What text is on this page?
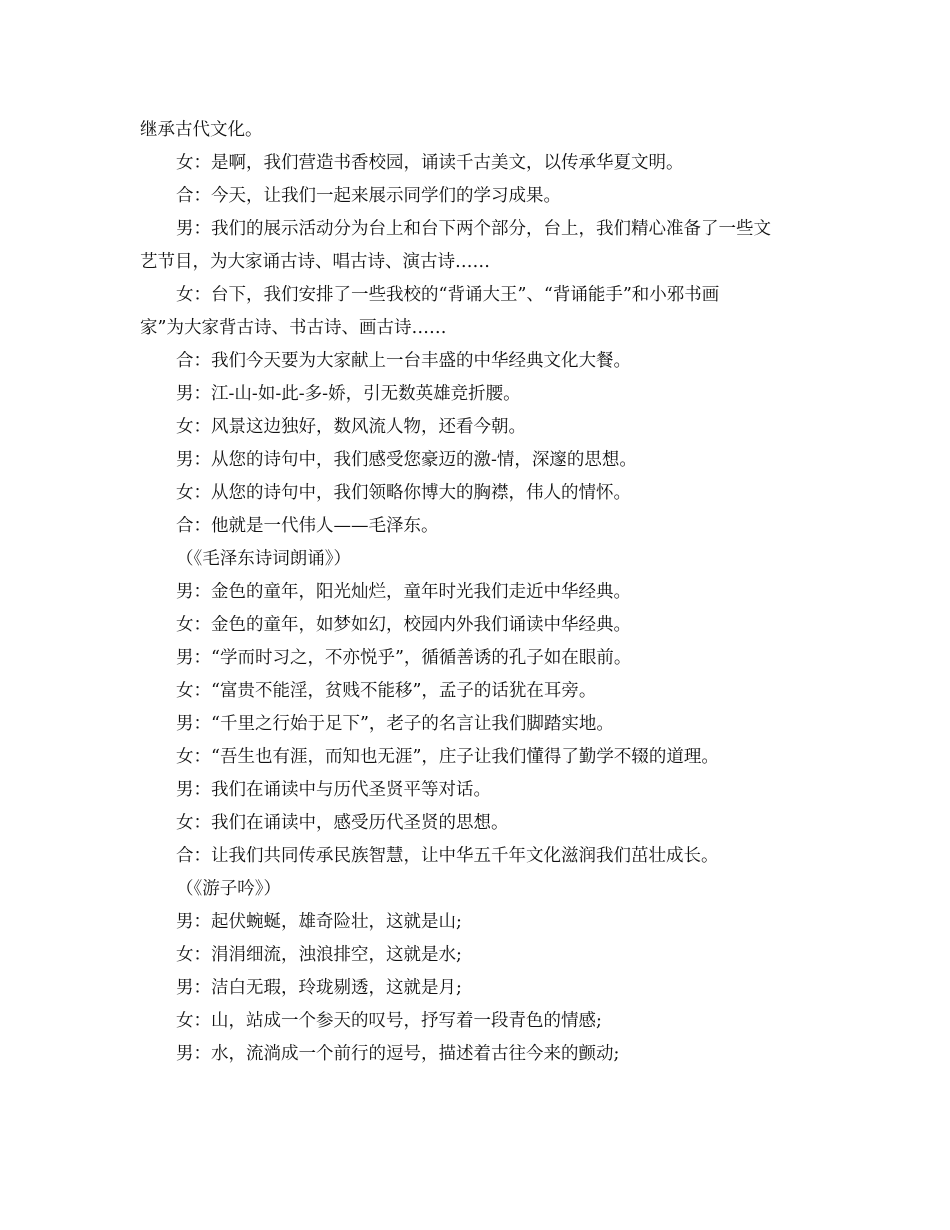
继承古代文化。

女：是啊，我们营造书香校园，诵读千古美文，以传承华夏文明。

合：今天，让我们一起来展示同学们的学习成果。

男：我们的展示活动分为台上和台下两个部分，台上，我们精心准备了一些文

艺节目，为大家诵古诗、唱古诗、演古诗……

女：台下，我们安排了一些我校的“背诵大王”、“背诵能手”和小邪书画

家”为大家背古诗、书古诗、画古诗……

合：我们今天要为大家献上一台丰盛的中华经典文化大餐。

男：江-山-如-此-多-娇，引无数英雄竞折腰。

女：风景这边独好，数风流人物，还看今朝。

男：从您的诗句中，我们感受您豪迈的激-情，深邃的思想。

女：从您的诗句中，我们领略你博大的胸襟，伟人的情怀。

合：他就是一代伟人——毛泽东。

（《毛泽东诗词朗诵》）

男：金色的童年，阳光灿烂，童年时光我们走近中华经典。

女：金色的童年，如梦如幻，校园内外我们诵读中华经典。

男：“学而时习之，不亦悦乎”，循循善诱的孔子如在眼前。

女：“富贵不能淫，贫贱不能移”，孟子的话犹在耳旁。

男：“千里之行始于足下”，老子的名言让我们脚踏实地。

女：“吾生也有涯，而知也无涯”，庄子让我们懂得了勤学不辍的道理。

男：我们在诵读中与历代圣贤平等对话。

女：我们在诵读中，感受历代圣贤的思想。

合：让我们共同传承民族智慧，让中华五千年文化滋润我们茁壮成长。

（《游子吟》）

男：起伏蜿蜒，雄奇险壮，这就是山;

女：涓涓细流，浊浪排空，这就是水;

男：洁白无瑕，玲珑剔透，这就是月;

女：山，站成一个参天的叹号，抒写着一段青色的情感;

男：水，流淌成一个前行的逗号，描述着古往今来的颤动;
